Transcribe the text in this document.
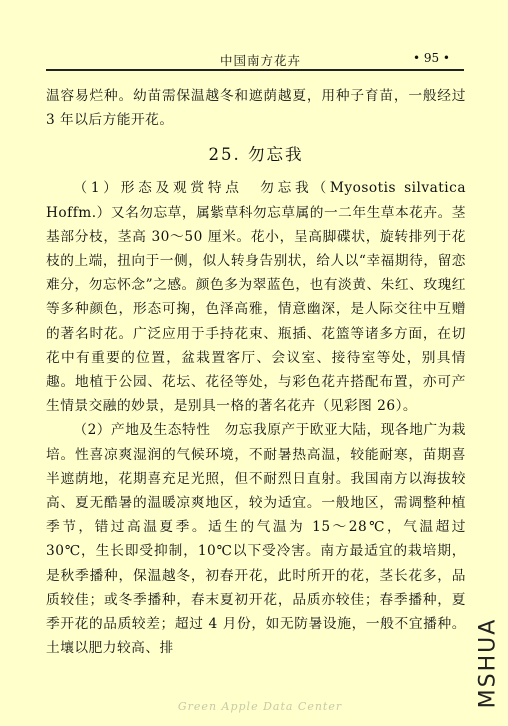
中国南方花卉	• 95 •

温容易烂种。幼苗需保温越冬和遮荫越夏，用种子育苗，一般经过 3 年以后方能开花。

25. 勿忘我

（1）形态及观赏特点　勿忘我（Myosotis silvatica Hoffm.）又名勿忘草，属紫草科勿忘草属的一二年生草本花卉。茎基部分枝，茎高 30～50 厘米。花小，呈高脚碟状，旋转排列于花枝的上端，扭向于一侧，似人转身告别状，给人以“幸福期待，留恋难分，勿忘怀念”之感。颜色多为翠蓝色，也有淡黄、朱红、玫瑰红等多种颜色，形态可掬，色泽高雅，情意幽深，是人际交往中互赠的著名时花。广泛应用于手持花束、瓶插、花篮等诸多方面，在切花中有重要的位置，盆栽置客厅、会议室、接待室等处，别具情趣。地植于公园、花坛、花径等处，与彩色花卉搭配布置，亦可产生情景交融的妙景，是别具一格的著名花卉（见彩图 26）。

（2）产地及生态特性　勿忘我原产于欧亚大陆，现各地广为栽培。性喜凉爽湿润的气候环境，不耐暑热高温，较能耐寒，苗期喜半遮荫地，花期喜充足光照，但不耐烈日直射。我国南方以海拔较高、夏无酷暑的温暖凉爽地区，较为适宜。一般地区，需调整种植季节，错过高温夏季。适生的气温为 15～28℃，气温超过 30℃，生长即受抑制，10℃以下受冷害。南方最适宜的栽培期，是秋季播种，保温越冬，初春开花，此时所开的花，茎长花多，品质较佳；或冬季播种，春末夏初开花，品质亦较佳；春季播种，夏季开花的品质较差；超过 4 月份，如无防暑设施，一般不宜播种。土壤以肥力较高、排

Green Apple Data Center	MSHUA
